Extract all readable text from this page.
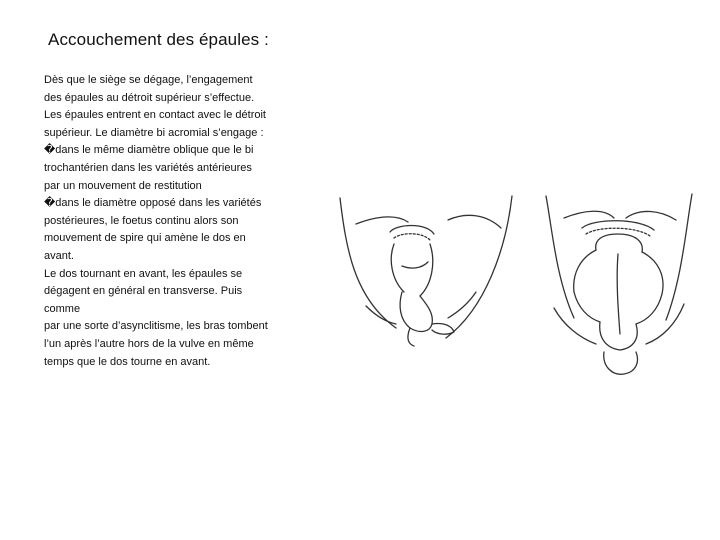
Accouchement des épaules :

Dès que le siège se dégage, l’engagement des épaules au détroit supérieur s’effectue.

Les épaules entrent en contact avec le détroit supérieur. Le diamètre bi acromial s’engage :

�dans le même diamètre oblique que le bi trochantérien dans les variétés antérieures par un mouvement de restitution

�dans le diamètre opposé dans les variétés postérieures, le foetus continu alors son mouvement de spire qui amène le dos en avant.

Le dos tournant en avant, les épaules se dégagent en général en transverse. Puis comme

par une sorte d’asynclitisme, les bras tombent l’un après l’autre hors de la vulve en même temps que le dos tourne en avant.
